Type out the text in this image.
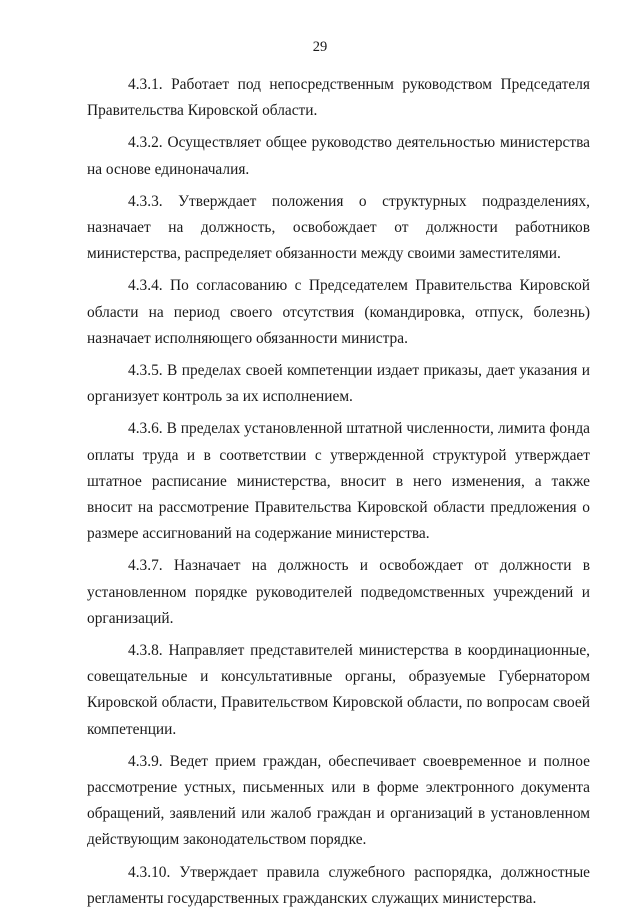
29

4.3.1. Работает под непосредственным руководством Председателя Правительства Кировской области.

4.3.2. Осуществляет общее руководство деятельностью министерства на основе единоначалия.

4.3.3. Утверждает положения о структурных подразделениях, назначает на должность, освобождает от должности работников министерства, распределяет обязанности между своими заместителями.

4.3.4. По согласованию с Председателем Правительства Кировской области на период своего отсутствия (командировка, отпуск, болезнь) назначает исполняющего обязанности министра.

4.3.5. В пределах своей компетенции издает приказы, дает указания и организует контроль за их исполнением.

4.3.6. В пределах установленной штатной численности, лимита фонда оплаты труда и в соответствии с утвержденной структурой утверждает штатное расписание министерства, вносит в него изменения, а также вносит на рассмотрение Правительства Кировской области предложения о размере ассигнований на содержание министерства.

4.3.7. Назначает на должность и освобождает от должности в установленном порядке руководителей подведомственных учреждений и организаций.

4.3.8. Направляет представителей министерства в координационные, совещательные и консультативные органы, образуемые Губернатором Кировской области, Правительством Кировской области, по вопросам своей компетенции.

4.3.9. Ведет прием граждан, обеспечивает своевременное и полное рассмотрение устных, письменных или в форме электронного документа обращений, заявлений или жалоб граждан и организаций в установленном действующим законодательством порядке.

4.3.10. Утверждает правила служебного распорядка, должностные регламенты государственных гражданских служащих министерства.
